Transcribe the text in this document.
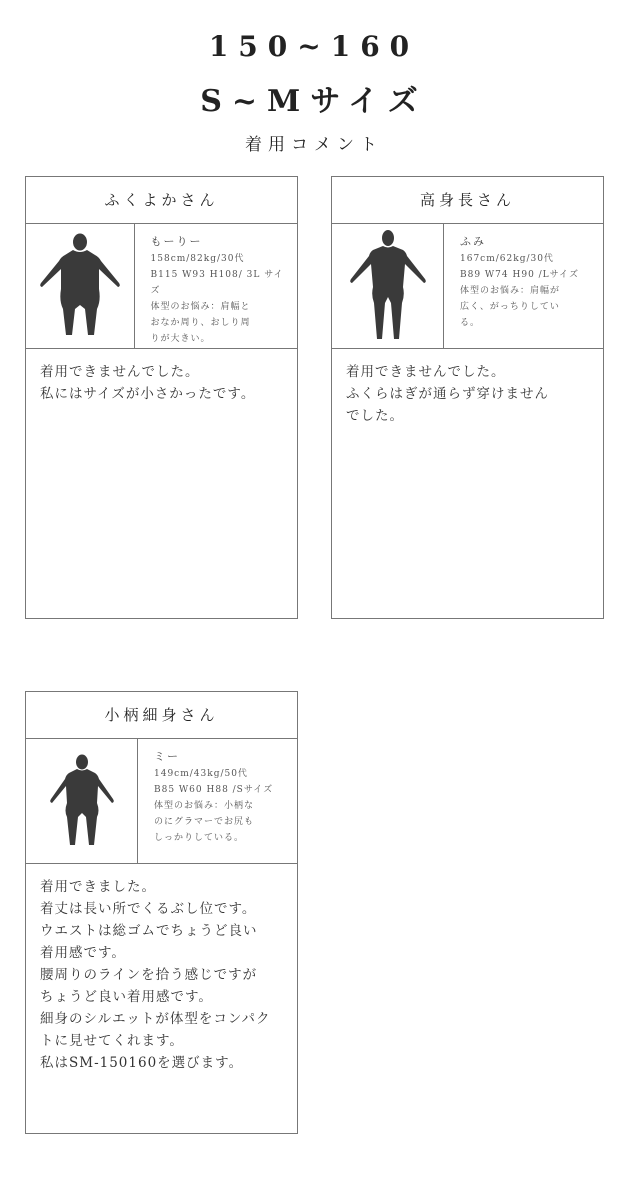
150~160
S~Mサイズ
着用コメント
ふくよかさん
もーりー
158cm/82kg/30代
B115 W93 H108/ 3L サイズ
体型のお悩み：肩幅と
おなか周り、おしり周
りが大きい。
着用できませんでした。
私にはサイズが小さかったです。
高身長さん
ふみ
167cm/62kg/30代
B89 W74 H90 /Lサイズ
体型のお悩み：肩幅が
広く、がっちりしてい
る。
着用できませんでした。
ふくらはぎが通らず穿けません
でした。
小柄細身さん
ミー
149cm/43kg/50代
B85 W60 H88 /Sサイズ
体型のお悩み：小柄な
のにグラマーでお尻も
しっかりしている。
着用できました。
着丈は長い所でくるぶし位です。
ウエストは総ゴムでちょうど良い
着用感です。
腰周りのラインを拾う感じですが
ちょうど良い着用感です。
細身のシルエットが体型をコンパク
トに見せてくれます。
私はSM-150160を選びます。
